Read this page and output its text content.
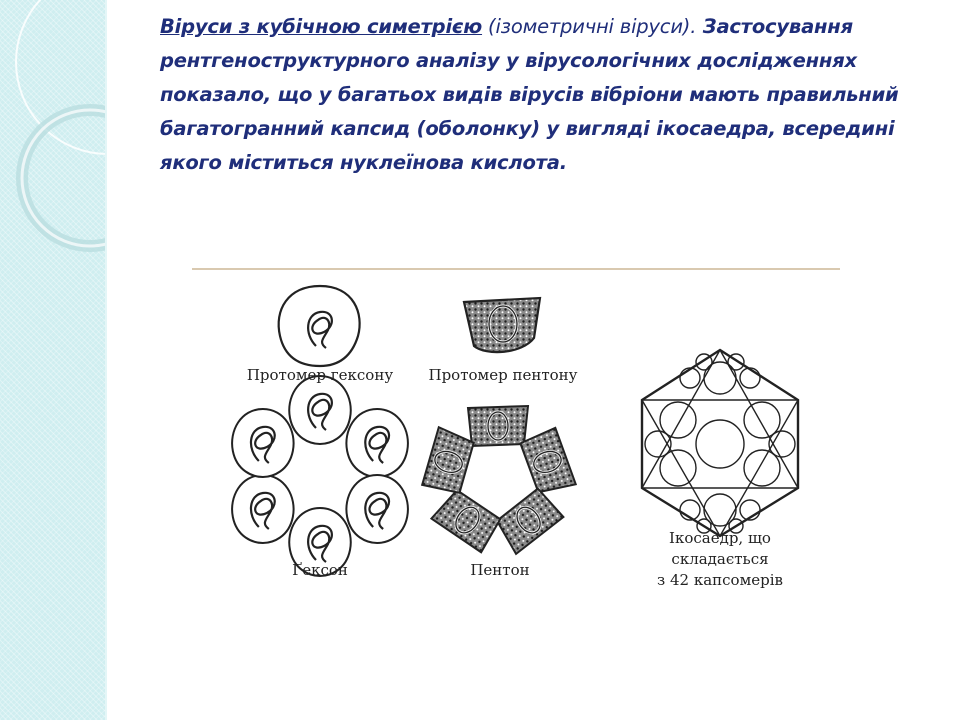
Віруси з кубічною симетрією (ізометричні віруси). Застосування рентгеноструктурного аналізу у вірусологічних дослідженнях показало, що у багатьох видів вірусів вібріони мають правильний багатогранний капсид (оболонку) у вигляді ікосаедра, всередині якого міститься нуклеїнова кислота.
Протомер гексону	Протомер пентону
Ґексон	Пентон
Ікосаедр, що
складається
з 42 капсомерів
